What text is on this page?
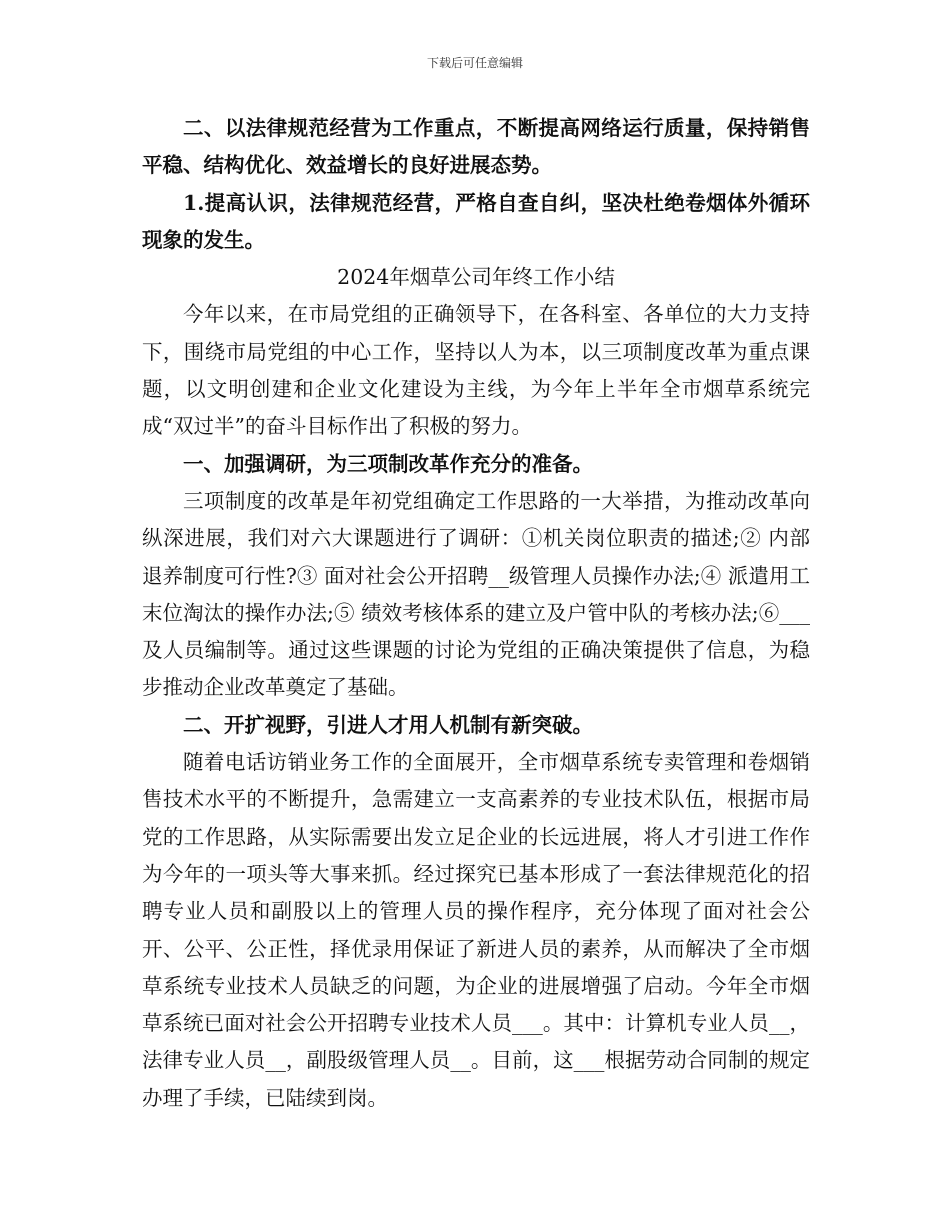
下载后可任意编辑

二、以法律规范经营为工作重点，不断提高网络运行质量，保持销售平稳、结构优化、效益增长的良好进展态势。

1.提高认识，法律规范经营，严格自查自纠，坚决杜绝卷烟体外循环现象的发生。

2024年烟草公司年终工作小结

今年以来，在市局党组的正确领导下，在各科室、各单位的大力支持下，围绕市局党组的中心工作，坚持以人为本，以三项制度改革为重点课题，以文明创建和企业文化建设为主线，为今年上半年全市烟草系统完成“双过半”的奋斗目标作出了积极的努力。

一、加强调研，为三项制改革作充分的准备。

三项制度的改革是年初党组确定工作思路的一大举措，为推动改革向纵深进展，我们对六大课题进行了调研：①机关岗位职责的描述;② 内部退养制度可行性?③ 面对社会公开招聘__级管理人员操作办法;④ 派遣用工末位淘汰的操作办法;⑤ 绩效考核体系的建立及户管中队的考核办法;⑥___及人员编制等。通过这些课题的讨论为党组的正确决策提供了信息，为稳步推动企业改革奠定了基础。

二、开扩视野，引进人才用人机制有新突破。

随着电话访销业务工作的全面展开，全市烟草系统专卖管理和卷烟销售技术水平的不断提升，急需建立一支高素养的专业技术队伍，根据市局党的工作思路，从实际需要出发立足企业的长远进展，将人才引进工作作为今年的一项头等大事来抓。经过探究已基本形成了一套法律规范化的招聘专业人员和副股以上的管理人员的操作程序，充分体现了面对社会公开、公平、公正性，择优录用保证了新进人员的素养，从而解决了全市烟草系统专业技术人员缺乏的问题，为企业的进展增强了启动。今年全市烟草系统已面对社会公开招聘专业技术人员___。其中：计算机专业人员__，法律专业人员__，副股级管理人员__。目前，这___根据劳动合同制的规定办理了手续，已陆续到岗。
